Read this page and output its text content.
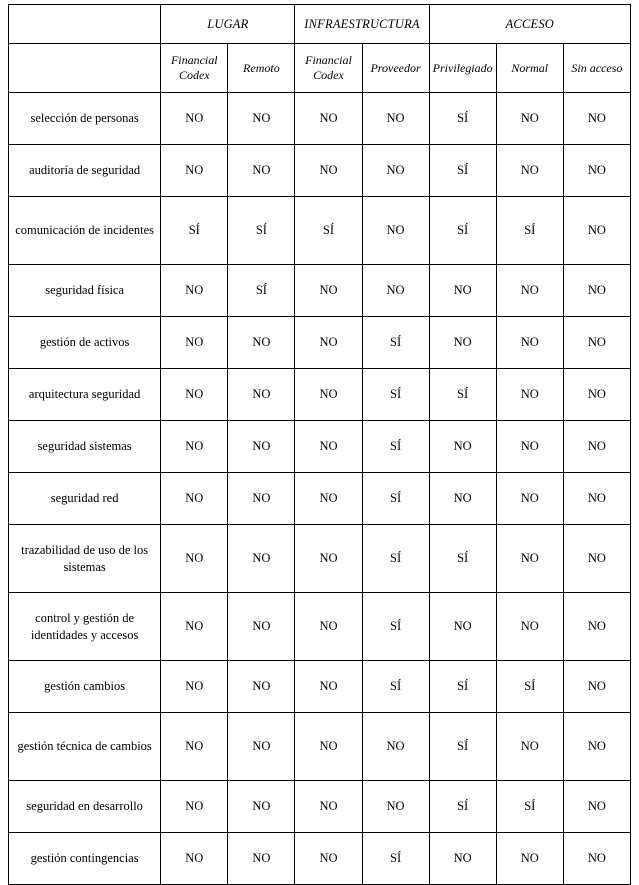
	LUGAR		INFRAESTRUCTURA		ACCESO		
	Financial Codex	Remoto	Financial Codex	Proveedor	Privilegiado	Normal	Sin acceso
selección de personas	NO	NO	NO	NO	SÍ	NO	NO
auditoría de seguridad	NO	NO	NO	NO	SÍ	NO	NO
comunicación de incidentes	SÍ	SÍ	SÍ	NO	SÍ	SÍ	NO
seguridad física	NO	SÍ	NO	NO	NO	NO	NO
gestión de activos	NO	NO	NO	SÍ	NO	NO	NO
arquitectura seguridad	NO	NO	NO	SÍ	SÍ	NO	NO
seguridad sistemas	NO	NO	NO	SÍ	NO	NO	NO
seguridad red	NO	NO	NO	SÍ	NO	NO	NO
trazabilidad de uso de los sistemas	NO	NO	NO	SÍ	SÍ	NO	NO
control y gestión de identidades y accesos	NO	NO	NO	SÍ	NO	NO	NO
gestión cambios	NO	NO	NO	SÍ	SÍ	SÍ	NO
gestión técnica de cambios	NO	NO	NO	NO	SÍ	NO	NO
seguridad en desarrollo	NO	NO	NO	NO	SÍ	SÍ	NO
gestión contingencias	NO	NO	NO	SÍ	NO	NO	NO
